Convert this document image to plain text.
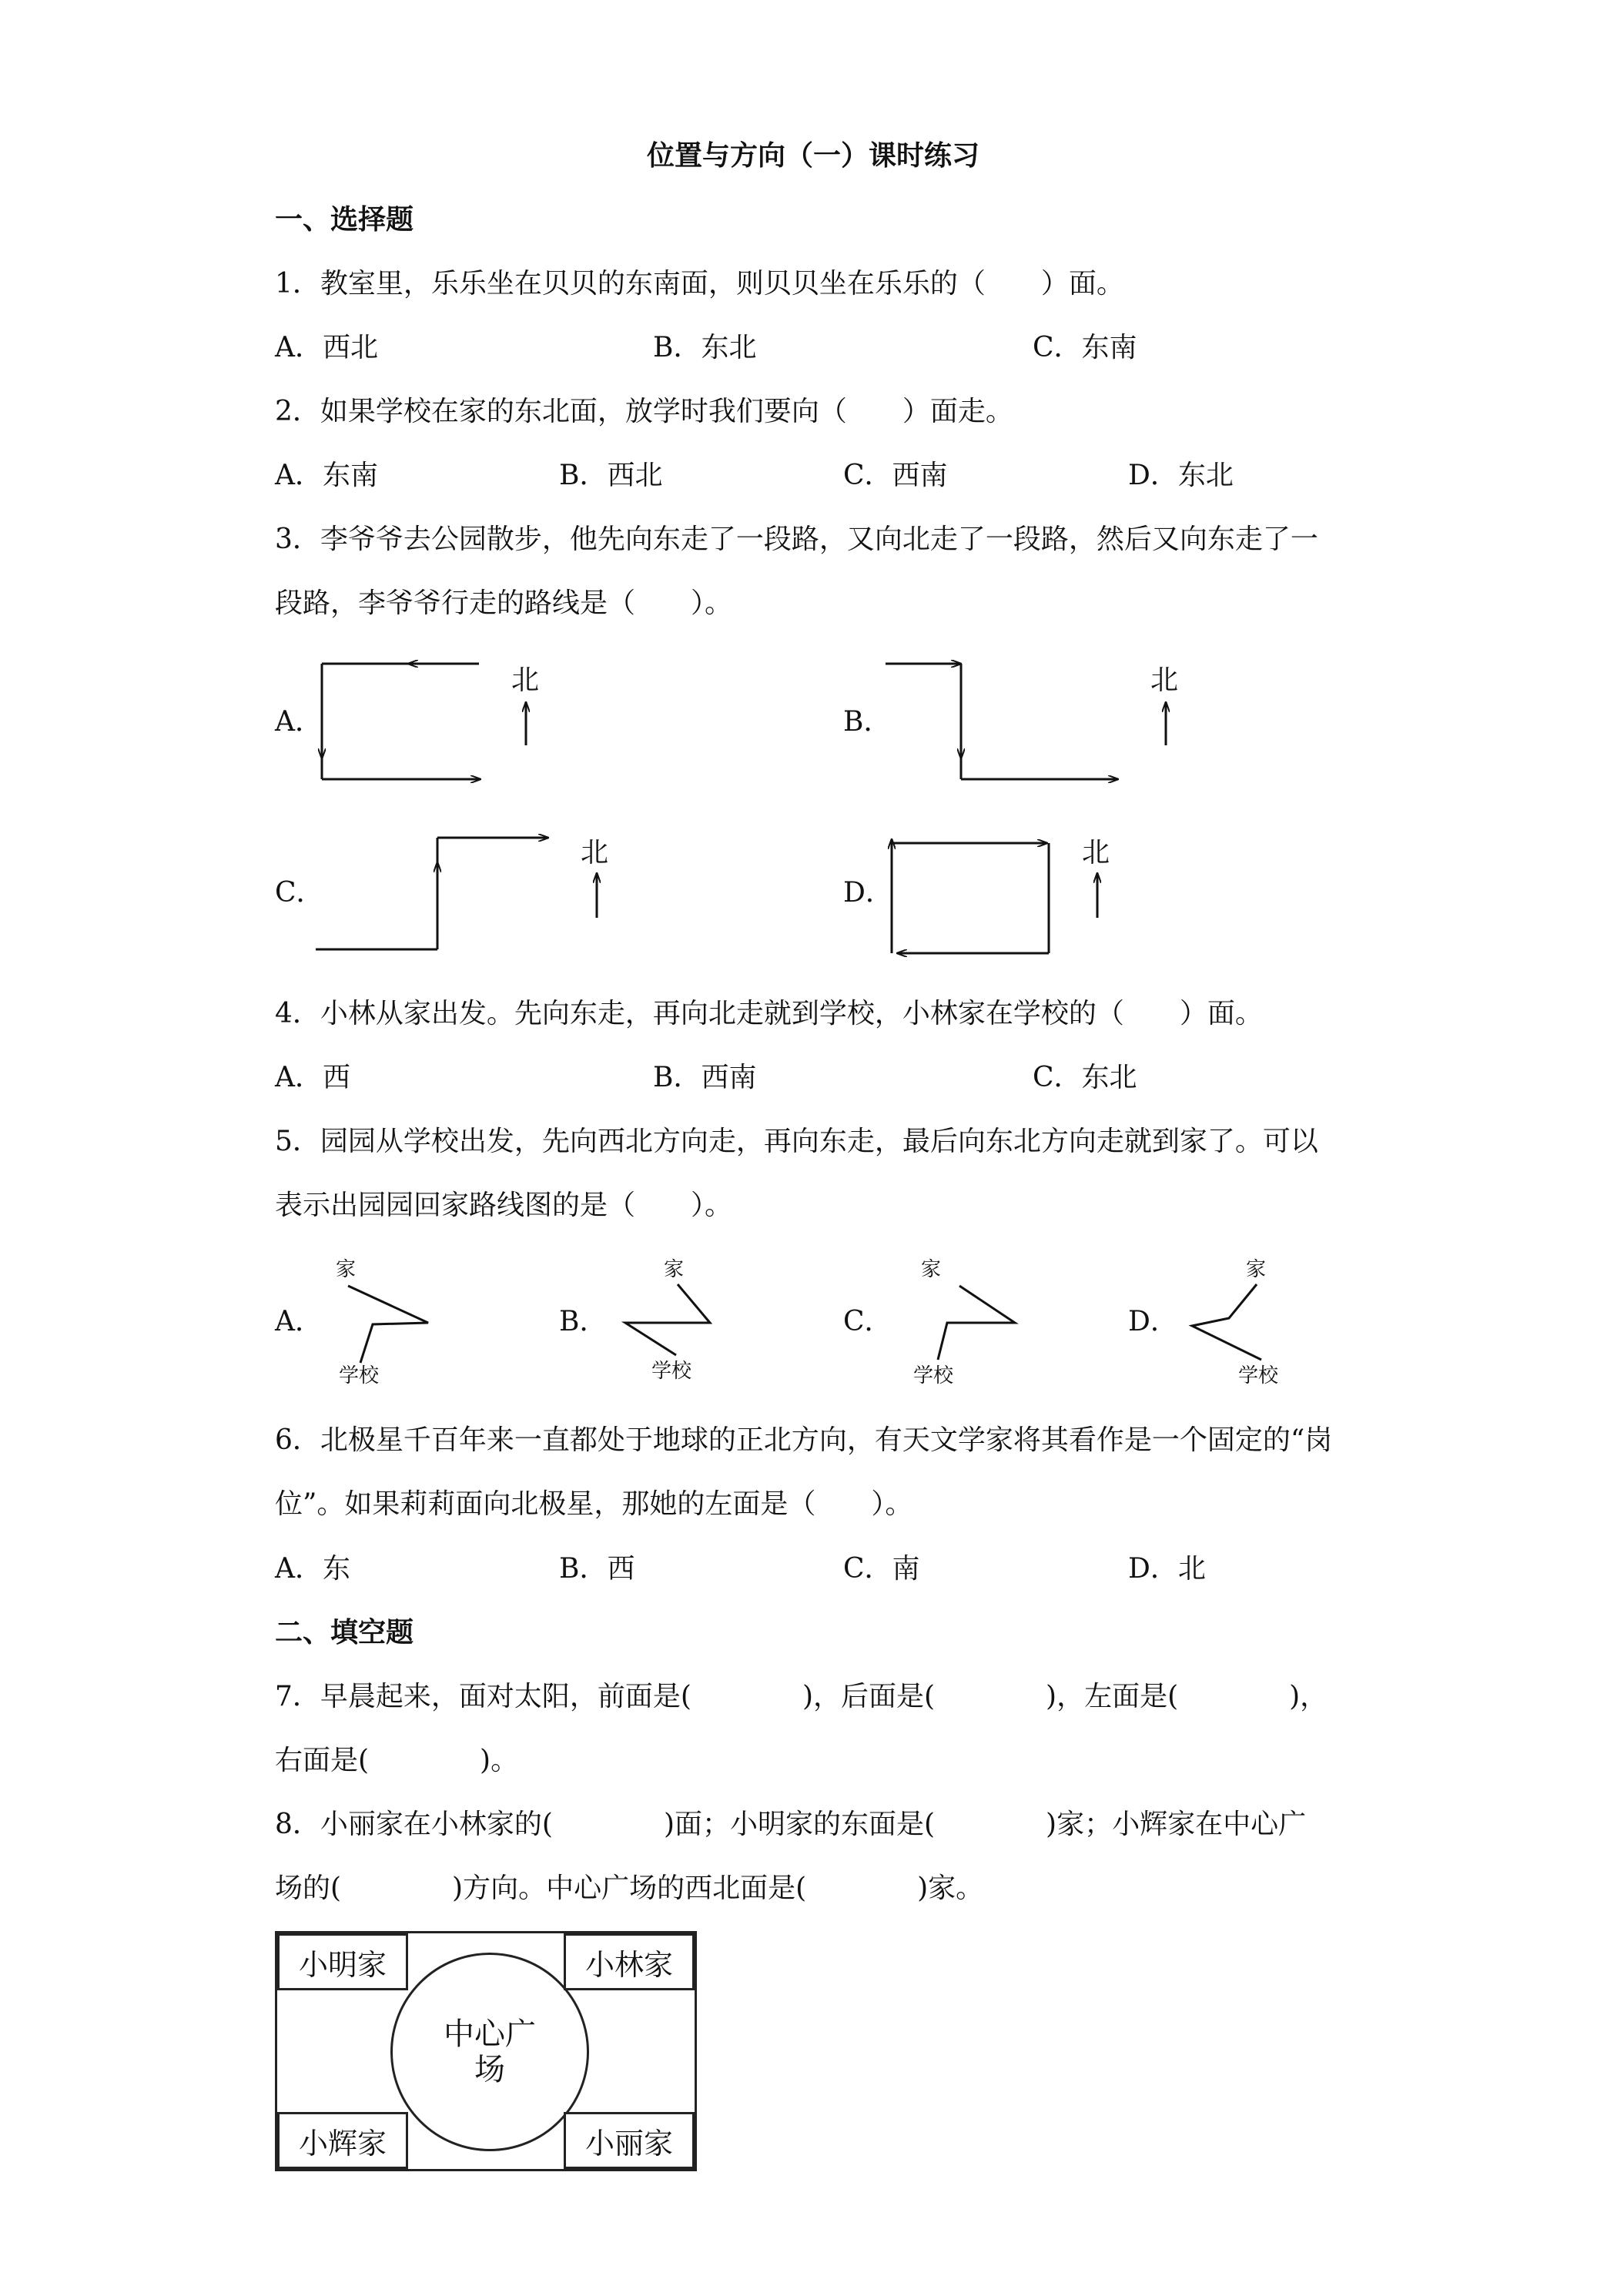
位置与方向（一）课时练习
一、选择题
1．教室里，乐乐坐在贝贝的东南面，则贝贝坐在乐乐的（　　）面。
A．西北	B．东北	C．东南
2．如果学校在家的东北面，放学时我们要向（　　）面走。
A．东南	B．西北	C．西南	D．东北
3．李爷爷去公园散步，他先向东走了一段路，又向北走了一段路，然后又向东走了一
段路，李爷爷行走的路线是（　　）。
A．	B．
C．	D．
北	北
北	北
4．小林从家出发。先向东走，再向北走就到学校，小林家在学校的（　　）面。
A．西	B．西南	C．东北
5．园园从学校出发，先向西北方向走，再向东走，最后向东北方向走就到家了。可以
表示出园园回家路线图的是（　　）。
A．	B．	C．	D．
家
学校
家
学校
家
学校
家
学校
6．北极星千百年来一直都处于地球的正北方向，有天文学家将其看作是一个固定的“岗
位”。如果莉莉面向北极星，那她的左面是（　　）。
A．东	B．西	C．南	D．北
二、填空题
7．早晨起来，面对太阳，前面是(　　　　)，后面是(　　　　)，左面是(　　　　)，
右面是(　　　　)。
8．小丽家在小林家的(　　　　)面；小明家的东面是(　　　　)家；小辉家在中心广
场的(　　　　)方向。中心广场的西北面是(　　　　)家。
中心广场
小明家	小林家
小辉家	小丽家
